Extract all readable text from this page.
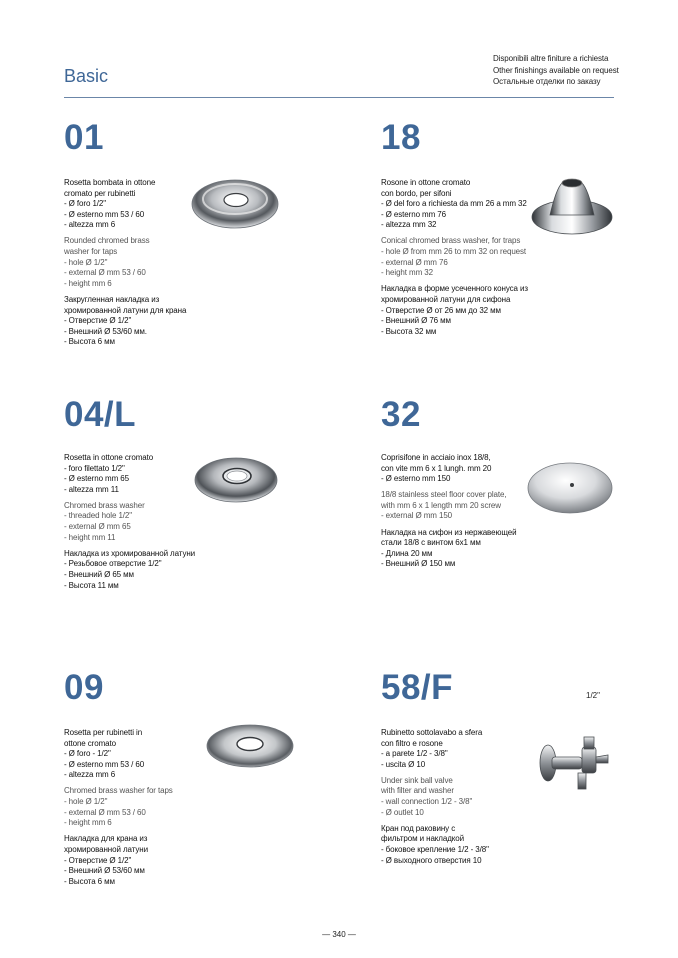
Basic
Disponibili altre finiture a richiesta
Other finishings available on request
Остальные отделки по заказу
01
Rosetta bombata in ottone
cromato per rubinetti
- Ø foro 1/2"
- Ø esterno mm 53 / 60
- altezza mm 6
Rounded chromed brass
washer for taps
- hole Ø 1/2"
- external Ø mm 53 / 60
- height mm 6
Закругленная накладка из
хромированной латуни для крана
- Отверстие Ø 1/2"
- Внешний Ø 53/60 мм.
- Высота 6 мм
18
Rosone in ottone cromato
con bordo, per sifoni
- Ø del foro a richiesta da mm 26 a mm 32
- Ø esterno mm 76
- altezza mm 32
Conical chromed brass washer, for traps
- hole Ø from mm 26 to mm 32 on request
- external Ø mm 76
- height mm 32
Накладка в форме усеченного конуса из
хромированной латуни для сифона
- Отверстие Ø от 26 мм до 32 мм
- Внешний Ø 76 мм
- Высота 32 мм
04/L
Rosetta in ottone cromato
- foro filettato 1/2"
- Ø esterno mm 65
- altezza mm 11
Chromed brass washer
- threaded hole 1/2"
- external Ø mm 65
- height mm 11
Накладка из хромированной латуни
- Резьбовое отверстие 1/2"
- Внешний Ø 65 мм
- Высота 11 мм
32
Coprisifone in acciaio inox 18/8,
con vite mm 6 x 1 lungh. mm 20
- Ø esterno mm 150
18/8 stainless steel floor cover plate,
with mm 6 x 1 length mm 20 screw
- external Ø mm 150
Накладка на сифон из нержавеющей
стали 18/8 с винтом 6х1 мм
- Длина 20 мм
- Внешний Ø 150 мм
09
Rosetta per rubinetti in
ottone cromato
- Ø foro - 1/2"
- Ø esterno mm 53 / 60
- altezza mm 6
Chromed brass washer for taps
- hole Ø 1/2"
- external Ø mm 53 / 60
- height mm 6
Накладка для крана из
хромированной латуни
- Отверстие Ø 1/2"
- Внешний Ø 53/60 мм
- Высота 6 мм
58/F	1/2"
Rubinetto sottolavabo a sfera
con filtro e rosone
- a parete 1/2 - 3/8"
- uscita Ø 10
Under sink ball valve
with filter and washer
- wall connection 1/2 - 3/8"
- Ø outlet 10
Кран под раковину с
фильтром и накладкой
- боковое крепление 1/2 - 3/8"
- Ø выходного отверстия 10
— 340 —
